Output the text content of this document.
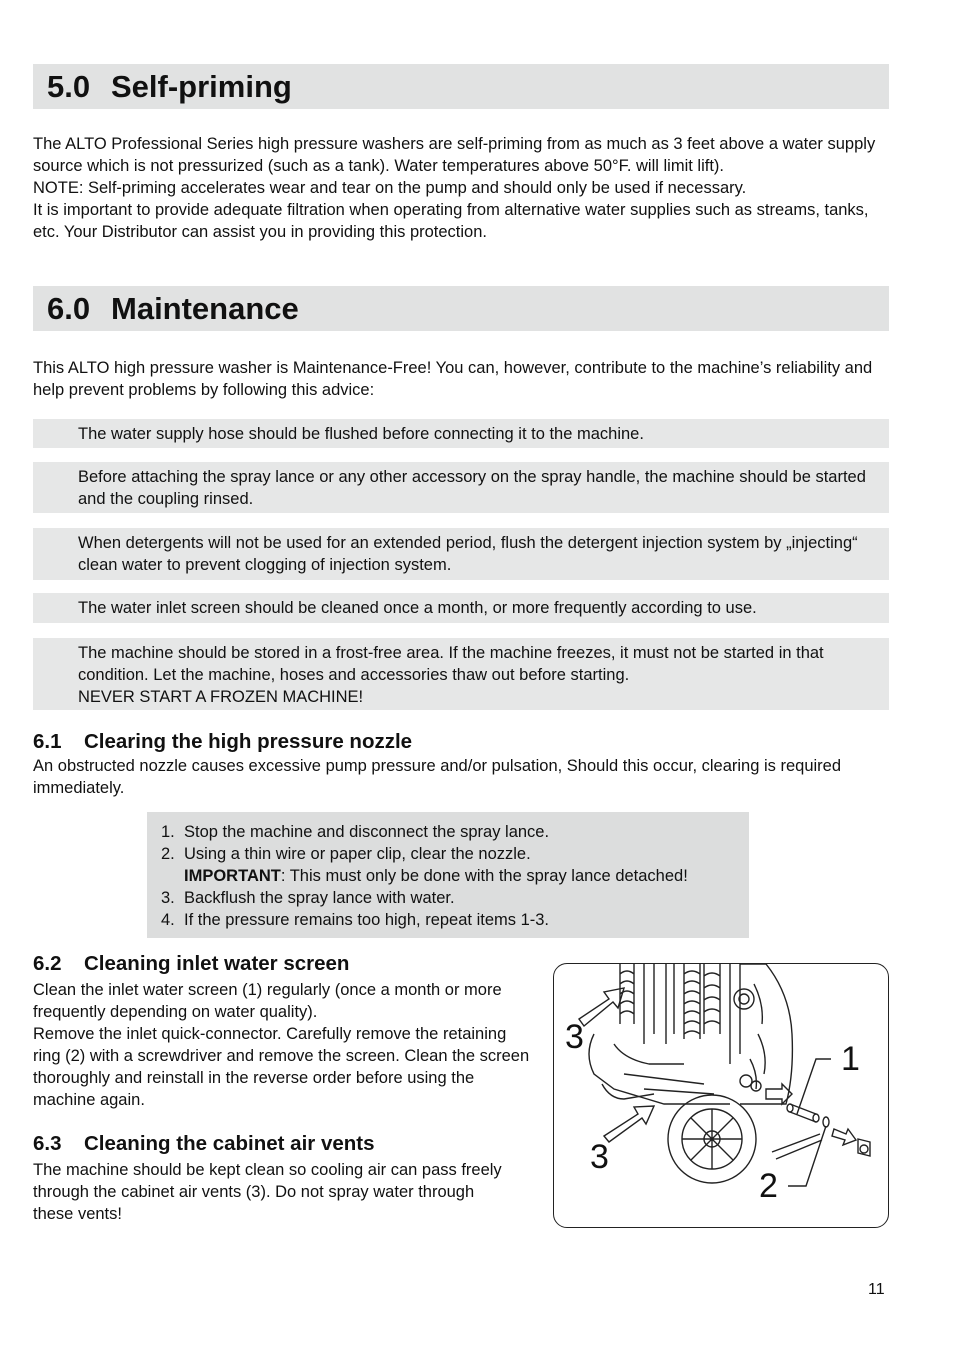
5.0 Self-priming

The ALTO Professional Series high pressure washers are self-priming from as much as 3 feet above a water supply source which is not pressurized (such as a tank). Water temperatures above 50°F. will limit lift).

NOTE: Self-priming accelerates wear and tear on the pump and should only be used if necessary.

It is important to provide adequate filtration when operating from alternative water supplies such as streams, tanks, etc. Your Distributor can assist you in providing this protection.

6.0 Maintenance

This ALTO high pressure washer is Maintenance-Free! You can, however, contribute to the machine’s reliability and help prevent problems by following this advice:

The water supply hose should be flushed before connecting it to the machine.

Before attaching the spray lance or any other accessory on the spray handle, the machine should be started and the coupling rinsed.

When detergents will not be used for an extended period, flush the detergent injection system by „injecting“ clean water to prevent clogging of injection system.

The water inlet screen should be cleaned once a month, or more frequently according to use.

The machine should be stored in a frost-free area. If the machine freezes, it must not be started in that condition. Let the machine, hoses and accessories thaw out before starting.

NEVER START A FROZEN MACHINE!

6.1 Clearing the high pressure nozzle

An obstructed nozzle causes excessive pump pressure and/or pulsation, Should this occur, clearing is required immediately.

1. Stop the machine and disconnect the spray lance.
2. Using a thin wire or paper clip, clear the nozzle.
IMPORTANT: This must only be done with the spray lance detached!
3. Backflush the spray lance with water.
4. If the pressure remains too high, repeat items 1-3.
6.2 Cleaning inlet water screen

Clean the inlet water screen (1) regularly (once a month or more frequently depending on water quality).

Remove the inlet quick-connector. Carefully remove the retaining ring (2) with a screwdriver and remove the screen. Clean the screen thoroughly and reinstall in the reverse order before using the machine again.

6.3 Cleaning the cabinet air vents

The machine should be kept clean so cooling air can pass freely through the cabinet air vents (3). Do not spray water through these vents!

3
3
1
2
11
